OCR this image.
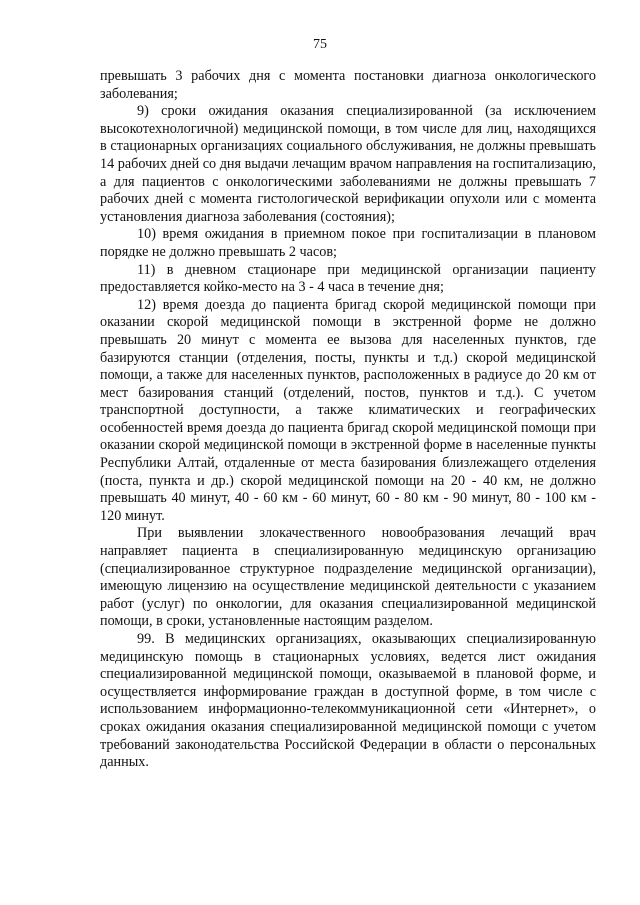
75

превышать 3 рабочих дня с момента постановки диагноза онкологического заболевания;

9) сроки ожидания оказания специализированной (за исключением высокотехнологичной) медицинской помощи, в том числе для лиц, находящихся в стационарных организациях социального обслуживания, не должны превышать 14 рабочих дней со дня выдачи лечащим врачом направления на госпитализацию, а для пациентов с онкологическими заболеваниями не должны превышать 7 рабочих дней с момента гистологической верификации опухоли или с момента установления диагноза заболевания (состояния);

10) время ожидания в приемном покое при госпитализации в плановом порядке не должно превышать 2 часов;

11) в дневном стационаре при медицинской организации пациенту предоставляется койко-место на 3 - 4 часа в течение дня;

12) время доезда до пациента бригад скорой медицинской помощи при оказании скорой медицинской помощи в экстренной форме не должно превышать 20 минут с момента ее вызова для населенных пунктов, где базируются станции (отделения, посты, пункты и т.д.) скорой медицинской помощи, а также для населенных пунктов, расположенных в радиусе до 20 км от мест базирования станций (отделений, постов, пунктов и т.д.). С учетом транспортной доступности, а также климатических и географических особенностей время доезда до пациента бригад скорой медицинской помощи при оказании скорой медицинской помощи в экстренной форме в населенные пункты Республики Алтай, отдаленные от места базирования близлежащего отделения (поста, пункта и др.) скорой медицинской помощи на 20 - 40 км, не должно превышать 40 минут, 40 - 60 км - 60 минут, 60 - 80 км - 90 минут, 80 - 100 км - 120 минут.

При выявлении злокачественного новообразования лечащий врач направляет пациента в специализированную медицинскую организацию (специализированное структурное подразделение медицинской организации), имеющую лицензию на осуществление медицинской деятельности с указанием работ (услуг) по онкологии, для оказания специализированной медицинской помощи, в сроки, установленные настоящим разделом.

99. В медицинских организациях, оказывающих специализированную медицинскую помощь в стационарных условиях, ведется лист ожидания специализированной медицинской помощи, оказываемой в плановой форме, и осуществляется информирование граждан в доступной форме, в том числе с использованием информационно-телекоммуникационной сети «Интернет», о сроках ожидания оказания специализированной медицинской помощи с учетом требований законодательства Российской Федерации в области о персональных данных.
